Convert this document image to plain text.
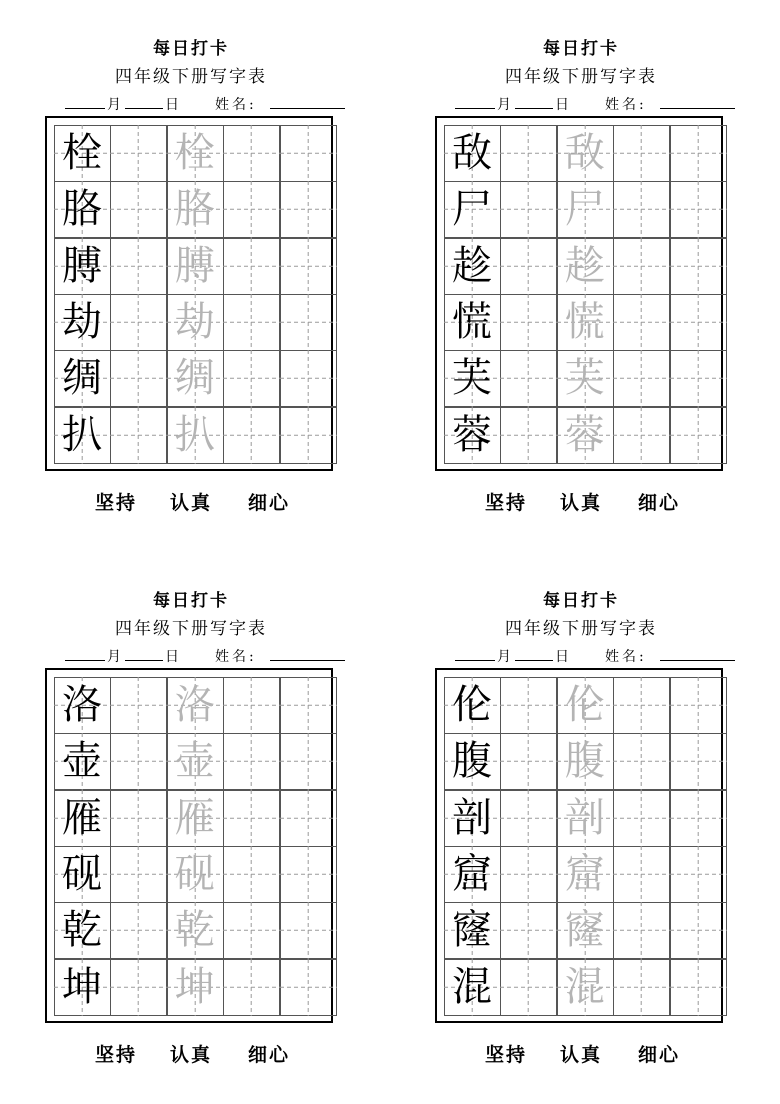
每日打卡
四年级下册写字表
月	日	姓名:
栓 栓
胳 胳
膊 膊
劫 劫
绸 绸
扒 扒
坚持 认真 细心
每日打卡
四年级下册写字表
月	日	姓名:
敌 敌
尸 尸
趁 趁
慌 慌
芙 芙
蓉 蓉
坚持 认真 细心
每日打卡
四年级下册写字表
月	日	姓名:
洛 洛
壶 壶
雁 雁
砚 砚
乾 乾
坤 坤
坚持 认真 细心
每日打卡
四年级下册写字表
月	日	姓名:
伦 伦
腹 腹
剖 剖
窟 窟
窿 窿
混 混
坚持 认真 细心
